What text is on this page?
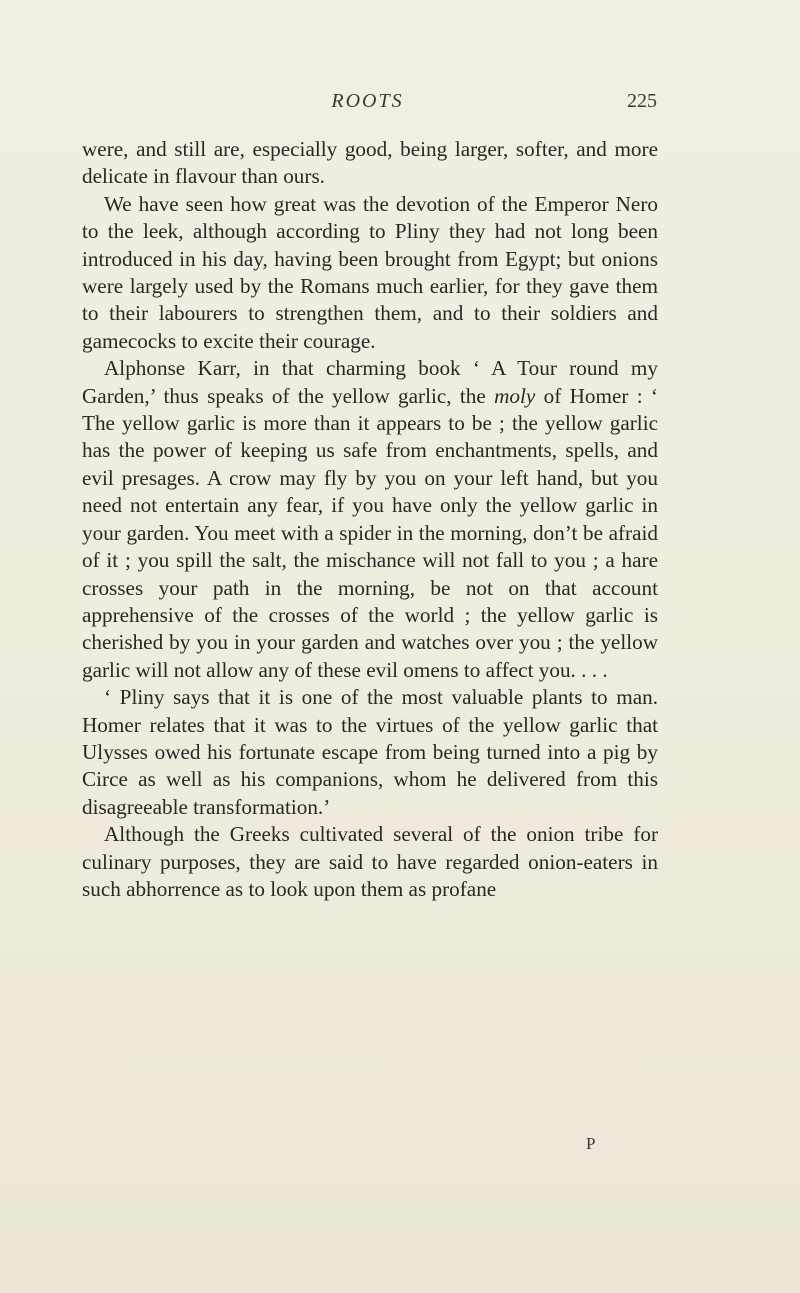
ROOTS	225

were, and still are, especially good, being larger, softer, and more delicate in flavour than ours.

We have seen how great was the devotion of the Emperor Nero to the leek, although according to Pliny they had not long been introduced in his day, having been brought from Egypt; but onions were largely used by the Romans much earlier, for they gave them to their labourers to strengthen them, and to their soldiers and gamecocks to excite their courage.

Alphonse Karr, in that charming book ‘ A Tour round my Garden,’ thus speaks of the yellow garlic, the moly of Homer : ‘ The yellow garlic is more than it appears to be ; the yellow garlic has the power of keeping us safe from enchantments, spells, and evil presages. A crow may fly by you on your left hand, but you need not entertain any fear, if you have only the yellow garlic in your garden. You meet with a spider in the morning, don’t be afraid of it ; you spill the salt, the mischance will not fall to you ; a hare crosses your path in the morning, be not on that account apprehensive of the crosses of the world ; the yellow garlic is cherished by you in your garden and watches over you ; the yellow garlic will not allow any of these evil omens to affect you. . . .

‘ Pliny says that it is one of the most valuable plants to man. Homer relates that it was to the virtues of the yellow garlic that Ulysses owed his fortunate escape from being turned into a pig by Circe as well as his companions, whom he delivered from this disagreeable transformation.’

Although the Greeks cultivated several of the onion tribe for culinary purposes, they are said to have regarded onion-eaters in such abhorrence as to look upon them as profane

P
